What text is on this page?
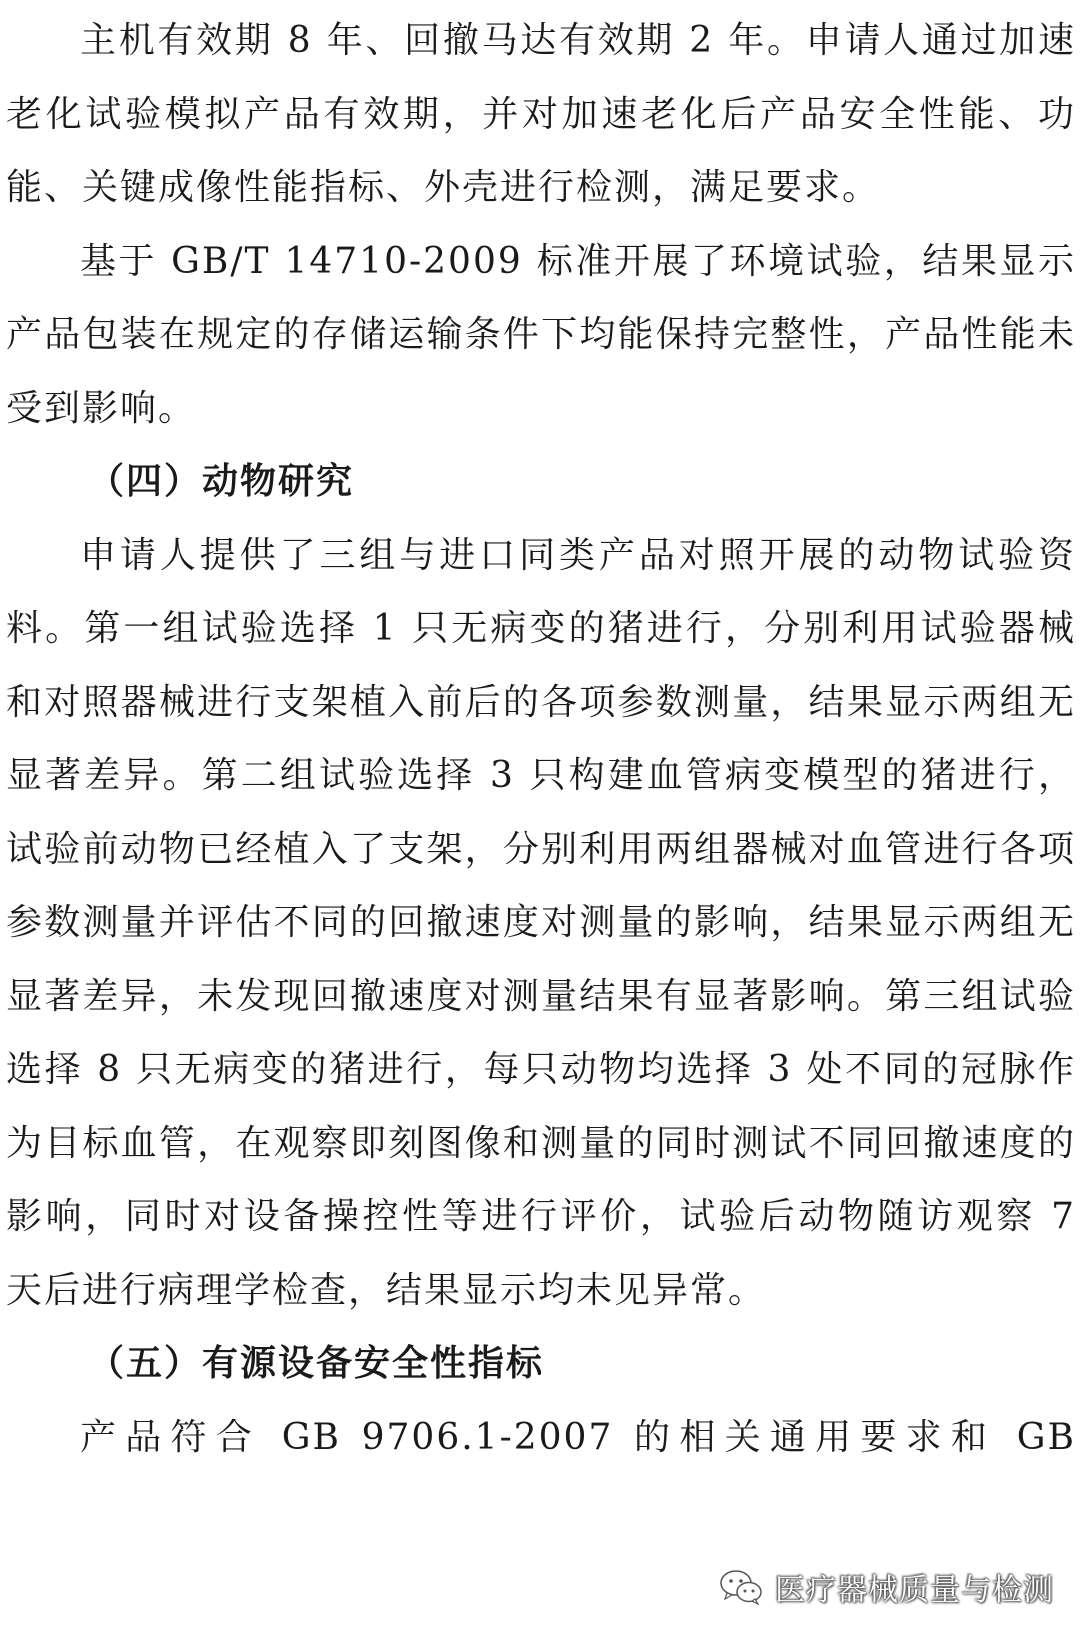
主机有效期 8 年、回撤马达有效期 2 年。申请人通过加速老化试验模拟产品有效期，并对加速老化后产品安全性能、功能、关键成像性能指标、外壳进行检测，满足要求。

基于 GB/T 14710-2009 标准开展了环境试验，结果显示产品包装在规定的存储运输条件下均能保持完整性，产品性能未受到影响。

（四）动物研究

申请人提供了三组与进口同类产品对照开展的动物试验资料。第一组试验选择 1 只无病变的猪进行，分别利用试验器械和对照器械进行支架植入前后的各项参数测量，结果显示两组无显著差异。第二组试验选择 3 只构建血管病变模型的猪进行，试验前动物已经植入了支架，分别利用两组器械对血管进行各项参数测量并评估不同的回撤速度对测量的影响，结果显示两组无显著差异，未发现回撤速度对测量结果有显著影响。第三组试验选择 8 只无病变的猪进行，每只动物均选择 3 处不同的冠脉作为目标血管，在观察即刻图像和测量的同时测试不同回撤速度的影响，同时对设备操控性等进行评价，试验后动物随访观察 7 天后进行病理学检查，结果显示均未见异常。

（五）有源设备安全性指标

产品符合 GB 9706.1-2007 的相关通用要求和 GB

医疗器械质量与检测
